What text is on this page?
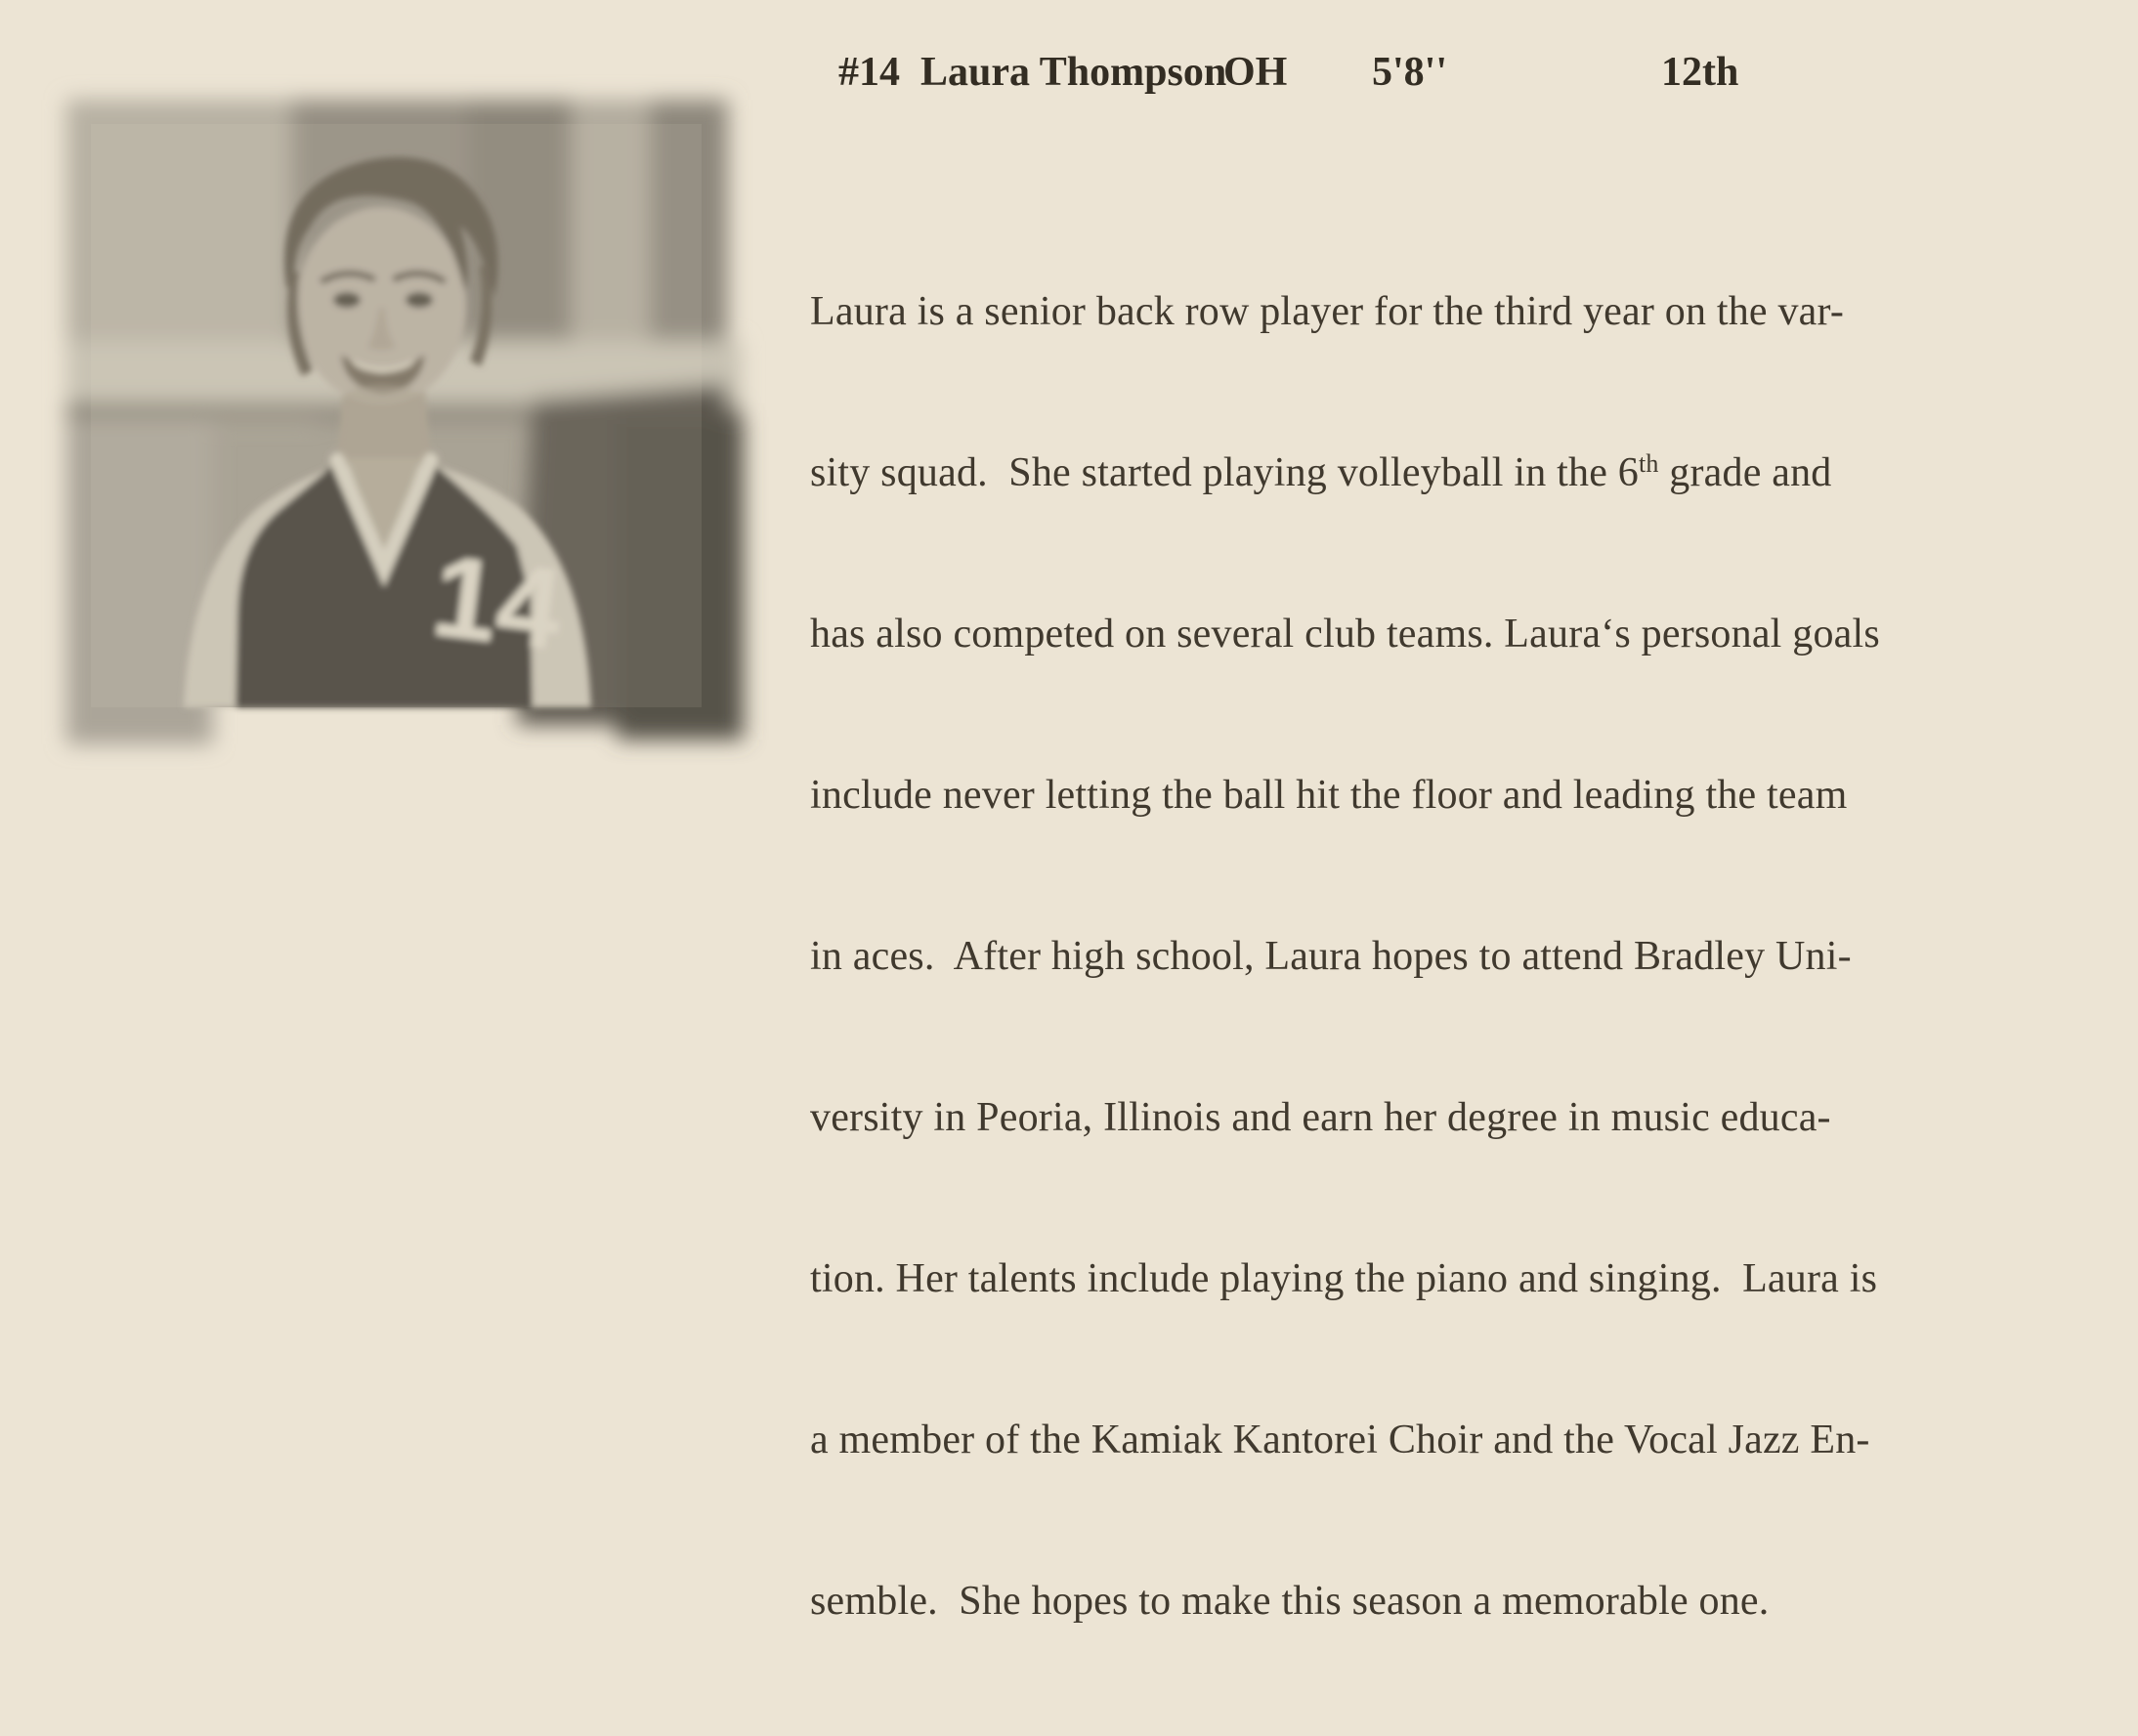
14

#14  Laura Thompson

OH

5'8''

	12th

Laura is a senior back row player for the third year on the var-

sity squad.  She started playing volleyball in the 6th grade and

has also competed on several club teams. Laura‘s personal goals

include never letting the ball hit the floor and leading the team

in aces.  After high school, Laura hopes to attend Bradley Uni-

versity in Peoria, Illinois and earn her degree in music educa-

tion. Her talents include playing the piano and singing.  Laura is

a member of the Kamiak Kantorei Choir and the Vocal Jazz En-

semble.  She hopes to make this season a memorable one.
